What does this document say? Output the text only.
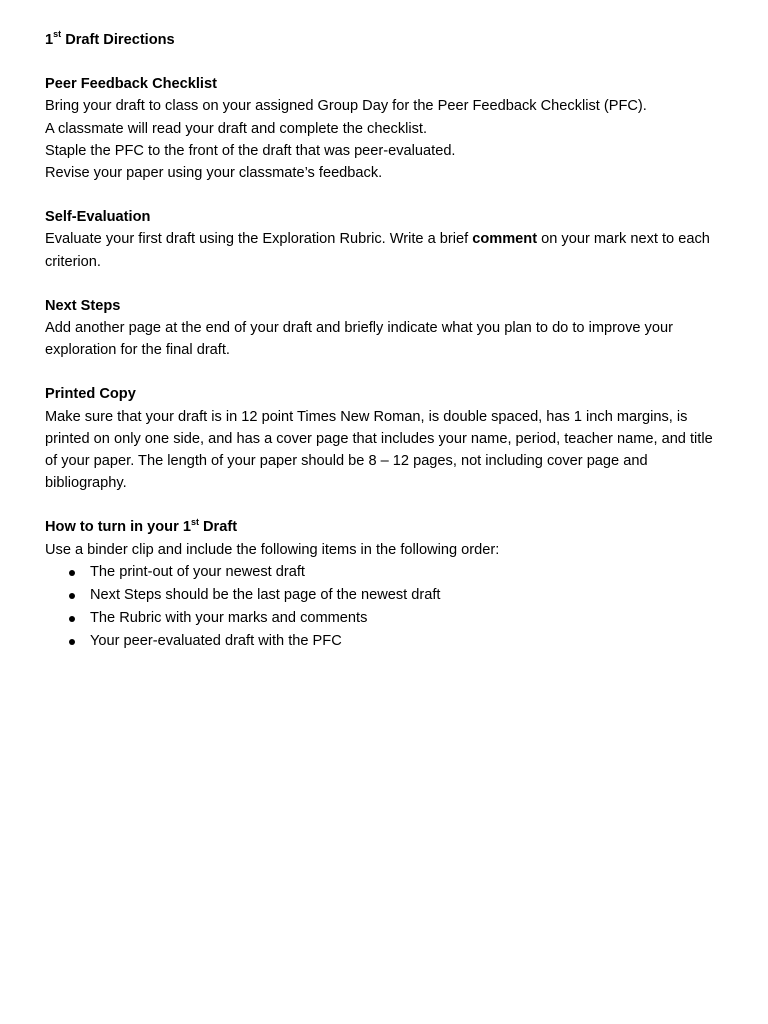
1st Draft Directions

Peer Feedback Checklist

Bring your draft to class on your assigned Group Day for the Peer Feedback Checklist (PFC).

A classmate will read your draft and complete the checklist.

Staple the PFC to the front of the draft that was peer-evaluated.

Revise your paper using your classmate’s feedback.

Self-Evaluation

Evaluate your first draft using the Exploration Rubric. Write a brief comment on your mark next to each criterion.

Next Steps

Add another page at the end of your draft and briefly indicate what you plan to do to improve your exploration for the final draft.

Printed Copy

Make sure that your draft is in 12 point Times New Roman, is double spaced, has 1 inch margins, is printed on only one side, and has a cover page that includes your name, period, teacher name, and title of your paper. The length of your paper should be 8 – 12 pages, not including cover page and bibliography.

How to turn in your 1st Draft

Use a binder clip and include the following items in the following order:

The print-out of your newest draft
Next Steps should be the last page of the newest draft
The Rubric with your marks and comments
Your peer-evaluated draft with the PFC
